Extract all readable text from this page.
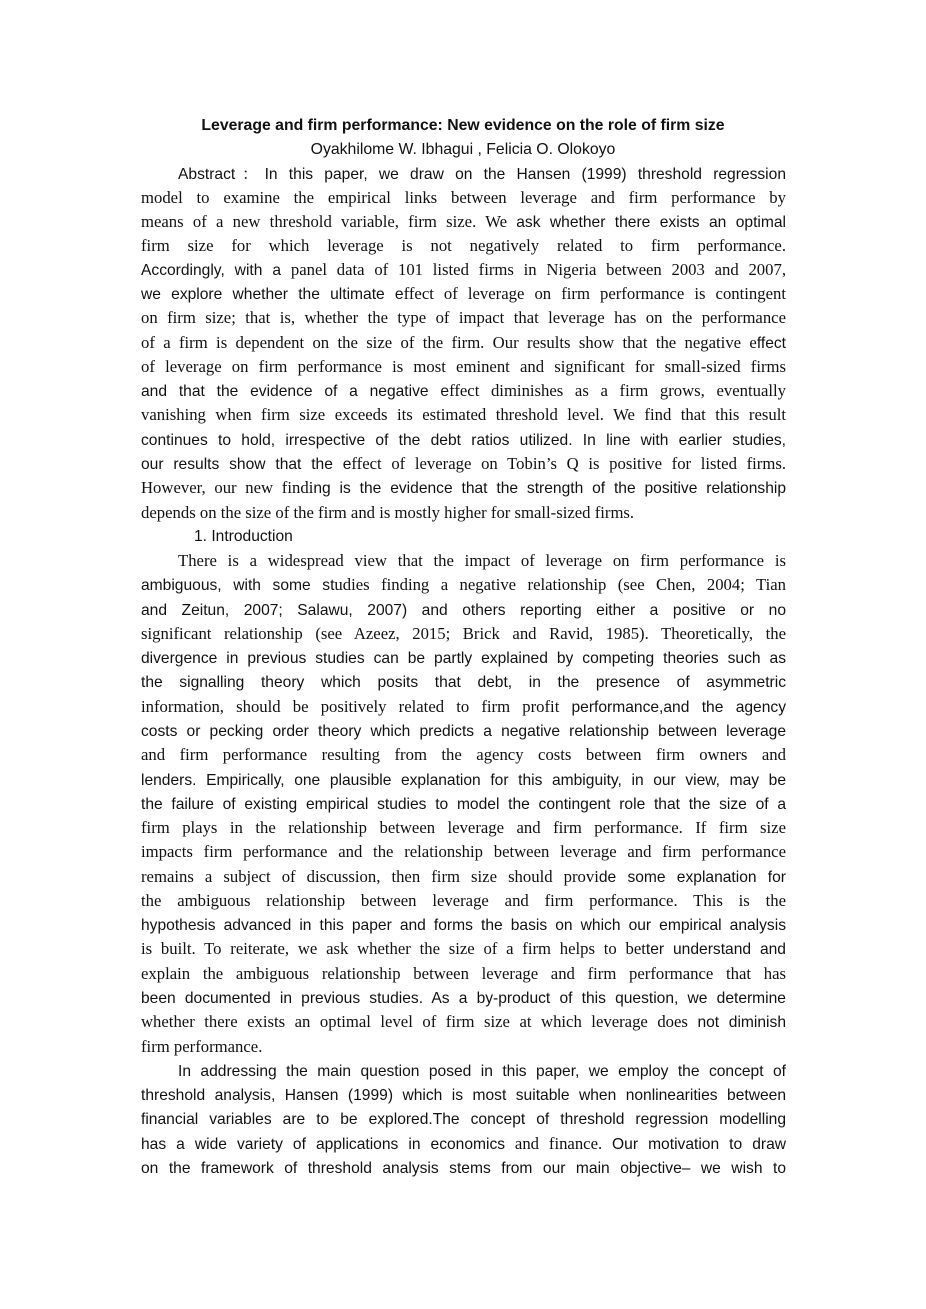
Leverage and firm performance: New evidence on the role of firm size
Oyakhilome W. Ibhagui , Felicia O. Olokoyo
Abstract：In this paper, we draw on the Hansen (1999) threshold regression
model to examine the empirical links between leverage and firm performance by
means of a new threshold variable, firm size. We ask whether there exists an optimal
firm size for which leverage is not negatively related to firm performance.
Accordingly, with a panel data of 101 listed firms in Nigeria between 2003 and 2007,
we explore whether the ultimate effect of leverage on firm performance is contingent
on firm size; that is, whether the type of impact that leverage has on the performance
of a firm is dependent on the size of the firm. Our results show that the negative effect
of leverage on firm performance is most eminent and significant for small-sized firms
and that the evidence of a negative effect diminishes as a firm grows, eventually
vanishing when firm size exceeds its estimated threshold level. We find that this result
continues to hold, irrespective of the debt ratios utilized. In line with earlier studies,
our results show that the effect of leverage on Tobin’s Q is positive for listed firms.
However, our new finding is the evidence that the strength of the positive relationship
depends on the size of the firm and is mostly higher for small-sized firms.
1. Introduction
There is a widespread view that the impact of leverage on firm performance is
ambiguous, with some studies finding a negative relationship (see Chen, 2004; Tian
and Zeitun, 2007; Salawu, 2007) and others reporting either a positive or no
significant relationship (see Azeez, 2015; Brick and Ravid, 1985). Theoretically, the
divergence in previous studies can be partly explained by competing theories such as
the signalling theory which posits that debt, in the presence of asymmetric
information, should be positively related to firm profit performance,and the agency
costs or pecking order theory which predicts a negative relationship between leverage
and firm performance resulting from the agency costs between firm owners and
lenders. Empirically, one plausible explanation for this ambiguity, in our view, may be
the failure of existing empirical studies to model the contingent role that the size of a
firm plays in the relationship between leverage and firm performance. If firm size
impacts firm performance and the relationship between leverage and firm performance
remains a subject of discussion, then firm size should provide some explanation for
the ambiguous relationship between leverage and firm performance. This is the
hypothesis advanced in this paper and forms the basis on which our empirical analysis
is built. To reiterate, we ask whether the size of a firm helps to better understand and
explain the ambiguous relationship between leverage and firm performance that has
been documented in previous studies. As a by-product of this question, we determine
whether there exists an optimal level of firm size at which leverage does not diminish
firm performance.
In addressing the main question posed in this paper, we employ the concept of
threshold analysis, Hansen (1999) which is most suitable when nonlinearities between
financial variables are to be explored.The concept of threshold regression modelling
has a wide variety of applications in economics and finance. Our motivation to draw
on the framework of threshold analysis stems from our main objective– we wish to
